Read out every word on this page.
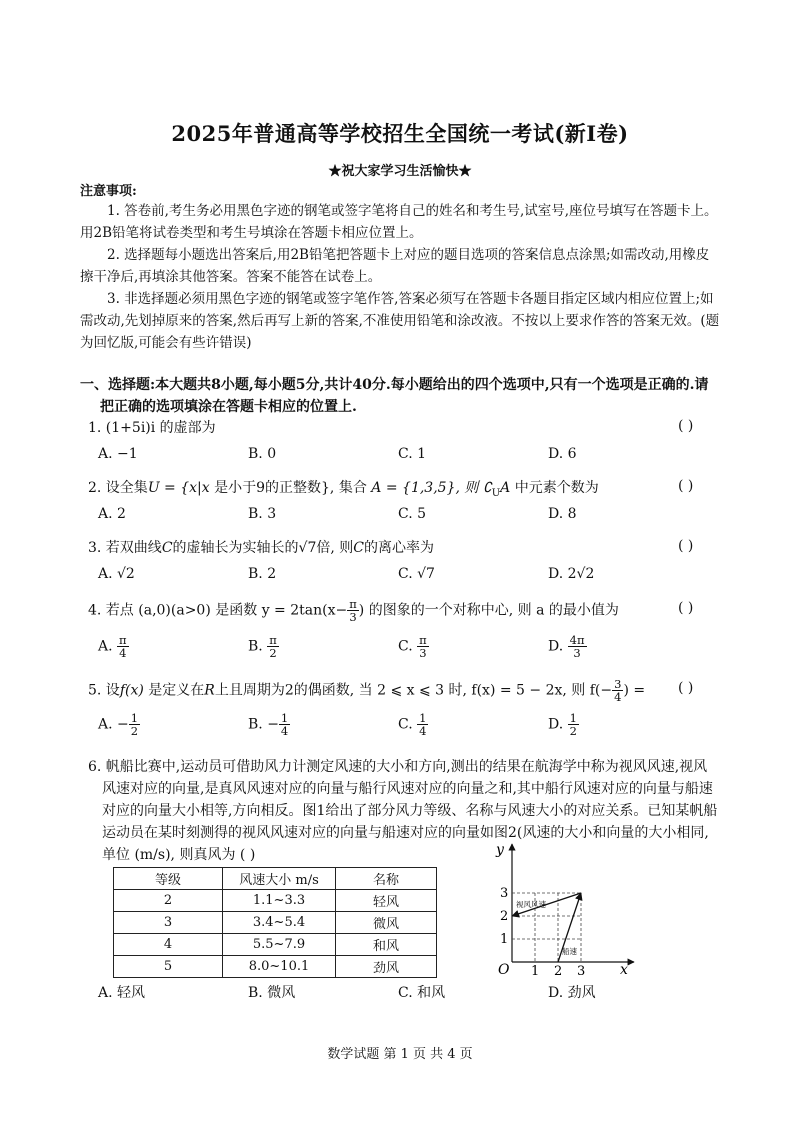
2025年普通高等学校招生全国统一考试(新Ⅰ卷)
★祝大家学习生活愉快★
注意事项:
1. 答卷前,考生务必用黑色字迹的钢笔或签字笔将自己的姓名和考生号,试室号,座位号填写在答题卡上。用2B铅笔将试卷类型和考生号填涂在答题卡相应位置上。
2. 选择题每小题选出答案后,用2B铅笔把答题卡上对应的题目选项的答案信息点涂黑;如需改动,用橡皮擦干净后,再填涂其他答案。答案不能答在试卷上。
3. 非选择题必须用黑色字迹的钢笔或签字笔作答,答案必须写在答题卡各题目指定区域内相应位置上;如需改动,先划掉原来的答案,然后再写上新的答案,不准使用铅笔和涂改液。不按以上要求作答的答案无效。(题为回忆版,可能会有些许错误)
一、选择题:本大题共8小题,每小题5分,共计40分.每小题给出的四个选项中,只有一个选项是正确的.请
把正确的选项填涂在答题卡相应的位置上.
1. (1+5i)i 的虚部为	( )
A. −1	B. 0	C. 1	D. 6
2. 设全集U = {x|x 是小于9的正整数}, 集合 A = {1,3,5}, 则 $∁_UA$ 中元素个数为	( )
A. 2	B. 3	C. 5	D. 8
3. 若双曲线C的虚轴长为实轴长的√7倍, 则C的离心率为	( )
A. √2	B. 2	C. √7	D. 2√2
4. 若点 (a,0)(a>0) 是函数 $y = 2\tan(x- \frac{\pi}{3}$ ) 的图象的一个对称中心, 则 a 的最小值为	( )
A. $\frac{\pi}{4}$	B. $\frac{\pi}{2}$	C. $\frac{\pi}{3}$	D. $\frac{4\pi}{3}$
5. 设f(x) 是定义在R上且周期为2的偶函数, 当 2 ⩽ x ⩽ 3 时, f(x) = 5 − 2x, 则 $f(- \frac{3}{4}$ ) =	( )
A. − $\frac{1}{2}$	B. − $\frac{1}{4}$	C. $\frac{1}{4}$	D. $\frac{1}{2}$
6. 帆船比赛中,运动员可借助风力计测定风速的大小和方向,测出的结果在航海学中称为视风风速,视风
风速对应的向量,是真风风速对应的向量与船行风速对应的向量之和,其中船行风速对应的向量与船速
对应的向量大小相等,方向相反。图1给出了部分风力等级、名称与风速大小的对应关系。已知某帆船
运动员在某时刻测得的视风风速对应的向量与船速对应的向量如图2(风速的大小和向量的大小相同,
单位 (m/s), 则真风为 ( )
等级	风速大小 m/s	名称
2	1.1~3.3	轻风
3	3.4~5.4	微风
4	5.5~7.9	和风
5	8.0~10.1	劲风
视风风速
船速
O	x
y
1 2 3
1
2
3
A. 轻风	B. 微风	C. 和风	D. 劲风
数学试题 第 1 页 共 4 页
